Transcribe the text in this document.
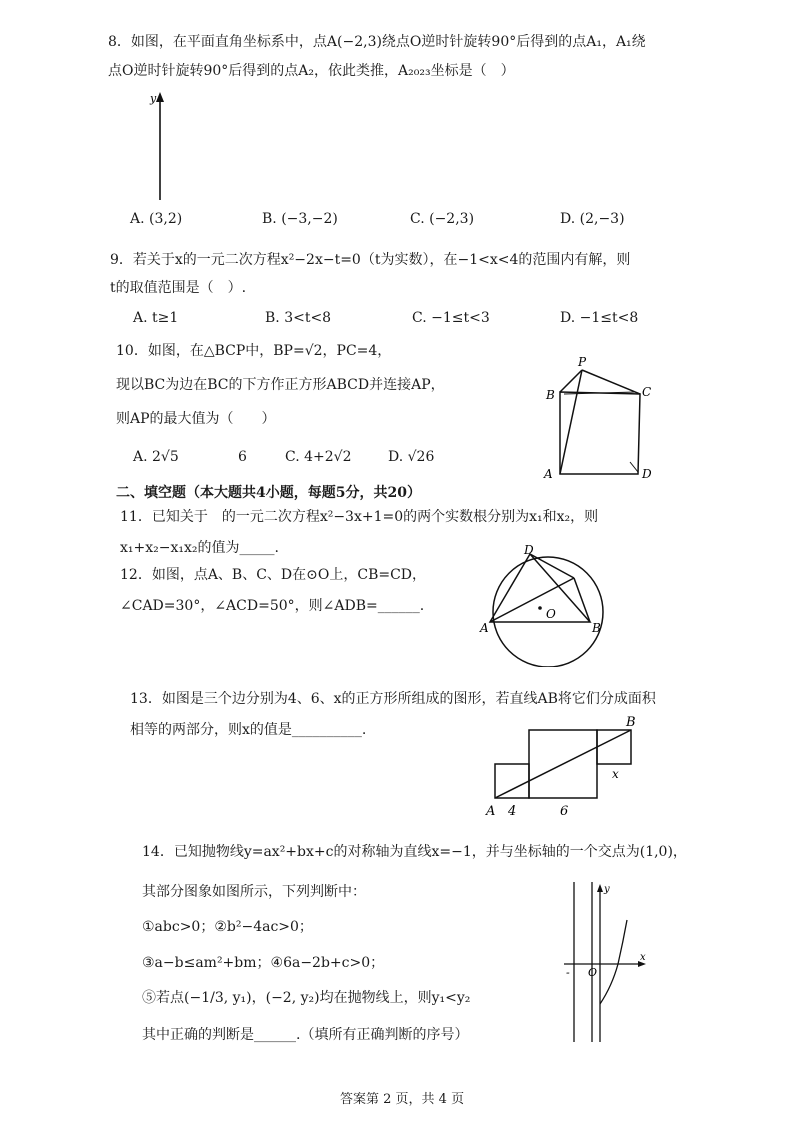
8．如图，在平面直角坐标系中，点A(−2,3)绕点O逆时针旋转90°后得到的点A₁，A₁绕
点O逆时针旋转90°后得到的点A₂，依此类推，A₂₀₂₃坐标是（　）
y
A. (3,2)	B. (−3,−2)	C. (−2,3)	D. (2,−3)
9．若关于x的一元二次方程x²−2x−t=0（t为实数），在−1<x<4的范围内有解，则
t的取值范围是（　）.
A. t≥1	B. 3<t<8	C. −1≤t<3	D. −1≤t<8
10．如图，在△BCP中，BP=√2，PC=4，
现以BC为边在BC的下方作正方形ABCD并连接AP，
则AP的最大值为（　　）
A. 2√5	6	C. 4+2√2	D. √26
P
B	C
A	D
二、填空题（本大题共4小题，每题5分，共20）
11．已知关于　的一元二次方程x²−3x+1=0的两个实数根分别为x₁和x₂，则
x₁+x₂−x₁x₂的值为_____.
12．如图，点A、B、C、D在⊙O上，CB=CD，
∠CAD=30°，∠ACD=50°，则∠ADB=______.
D
A	B
O
13．如图是三个边分别为4、6、x的正方形所组成的图形，若直线AB将它们分成面积
相等的两部分，则x的值是__________.
A
B
x
4	6
14．已知抛物线y=ax²+bx+c的对称轴为直线x=−1，并与坐标轴的一个交点为(1,0)，
其部分图象如图所示，下列判断中：
①abc>0；②b²−4ac>0；
③a−b≤am²+bm；④6a−2b+c>0；
⑤若点(−1/3, y₁)，(−2, y₂)均在抛物线上，则y₁<y₂
其中正确的判断是______.（填所有正确判断的序号）
y
x
O
-
答案第 2 页，共 4 页
